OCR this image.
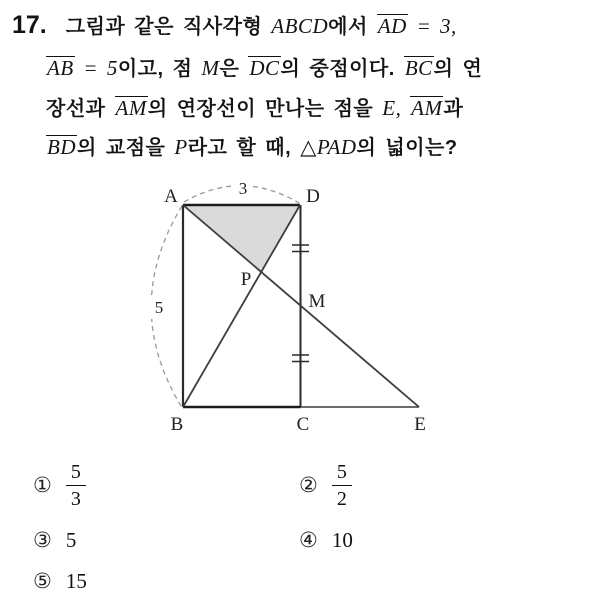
17. 그림과 같은 직사각형 ABCD에서 AD = 3,
AB = 5이고, 점 M은 DC의 중점이다. BC의 연
장선과 AM의 연장선이 만나는 점을 E, AM과
BD의 교점을 P라고 할 때, △PAD의 넓이는?
A	D
B	C	E
M
P
3
5
① $\frac{5}{3}$	② $\frac{5}{2}$
③ 5	④ 10
⑤ 15
